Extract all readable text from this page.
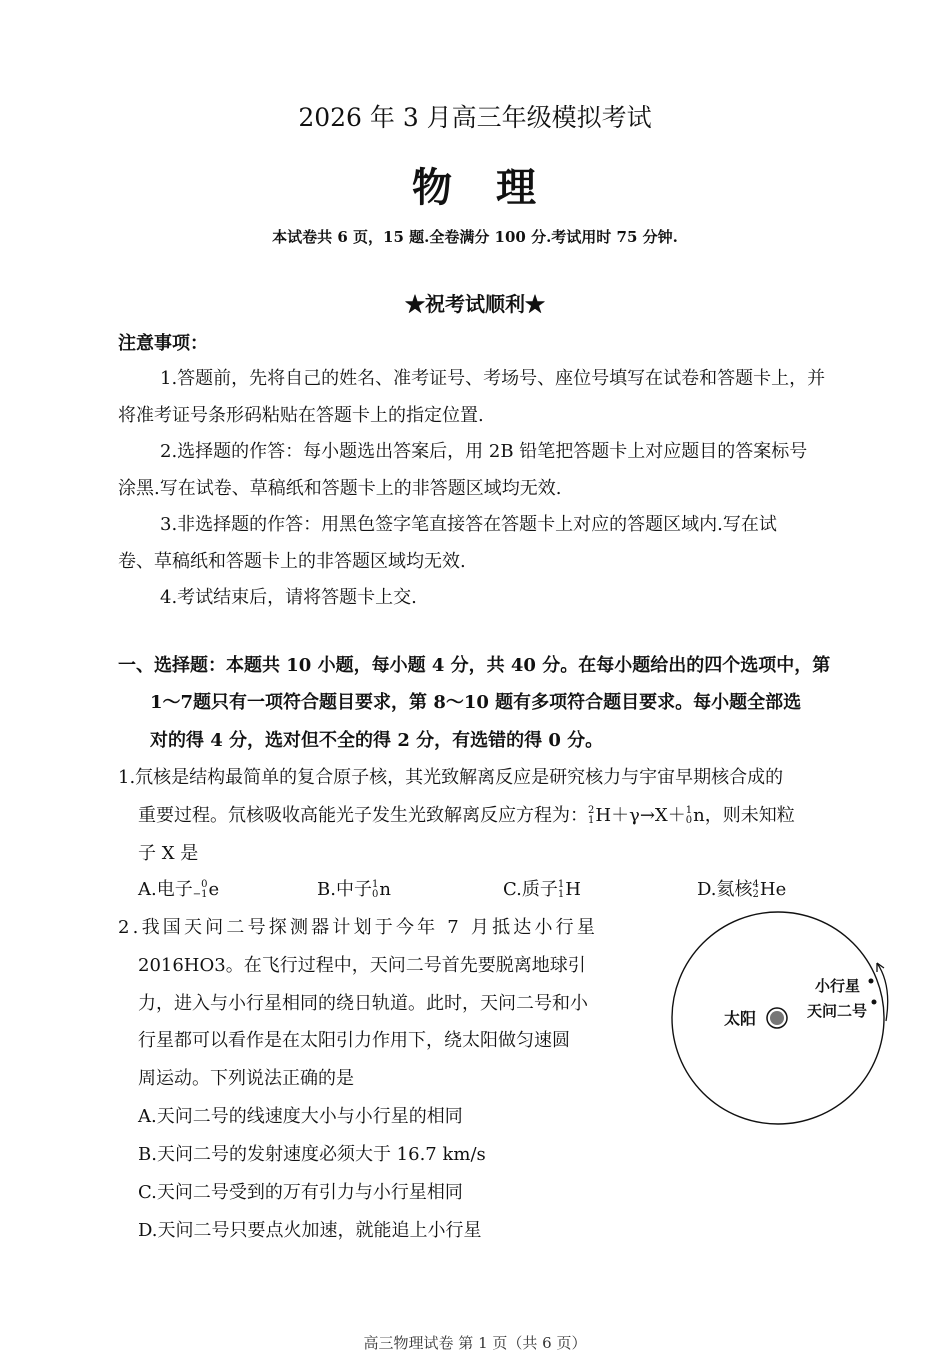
2026 年 3 月高三年级模拟考试
物　理
本试卷共 6 页，15 题.全卷满分 100 分.考试用时 75 分钟.
★祝考试顺利★
注意事项：
1.答题前，先将自己的姓名、准考证号、考场号、座位号填写在试卷和答题卡上，并
将准考证号条形码粘贴在答题卡上的指定位置.
2.选择题的作答：每小题选出答案后，用 2B 铅笔把答题卡上对应题目的答案标号
涂黑.写在试卷、草稿纸和答题卡上的非答题区域均无效.
3.非选择题的作答：用黑色签字笔直接答在答题卡上对应的答题区域内.写在试
卷、草稿纸和答题卡上的非答题区域均无效.
4.考试结束后，请将答题卡上交.
一、选择题：本题共 10 小题，每小题 4 分，共 40 分。在每小题给出的四个选项中，第
1～7题只有一项符合题目要求，第 8～10 题有多项符合题目要求。每小题全部选
对的得 4 分，选对但不全的得 2 分，有选错的得 0 分。
1.氘核是结构最简单的复合原子核，其光致解离反应是研究核力与宇宙早期核合成的
重要过程。氘核吸收高能光子发生光致解离反应方程为： 2
1 H＋γ→X＋ 1
0 n，则未知粒
子 X 是
A.电子 0
−1 e	B.中子 1
0 n	C.质子 1
1 H	D.氦核 4
2 He
2.我国天问二号探测器计划于今年 7 月抵达小行星
2016HO3。在飞行过程中，天问二号首先要脱离地球引
力，进入与小行星相同的绕日轨道。此时，天问二号和小
行星都可以看作是在太阳引力作用下，绕太阳做匀速圆
周运动。下列说法正确的是
A.天问二号的线速度大小与小行星的相同
B.天问二号的发射速度必须大于 16.7 km/s
C.天问二号受到的万有引力与小行星相同
D.天问二号只要点火加速，就能追上小行星
太阳
小行星
天问二号
高三物理试卷 第 1 页（共 6 页）
